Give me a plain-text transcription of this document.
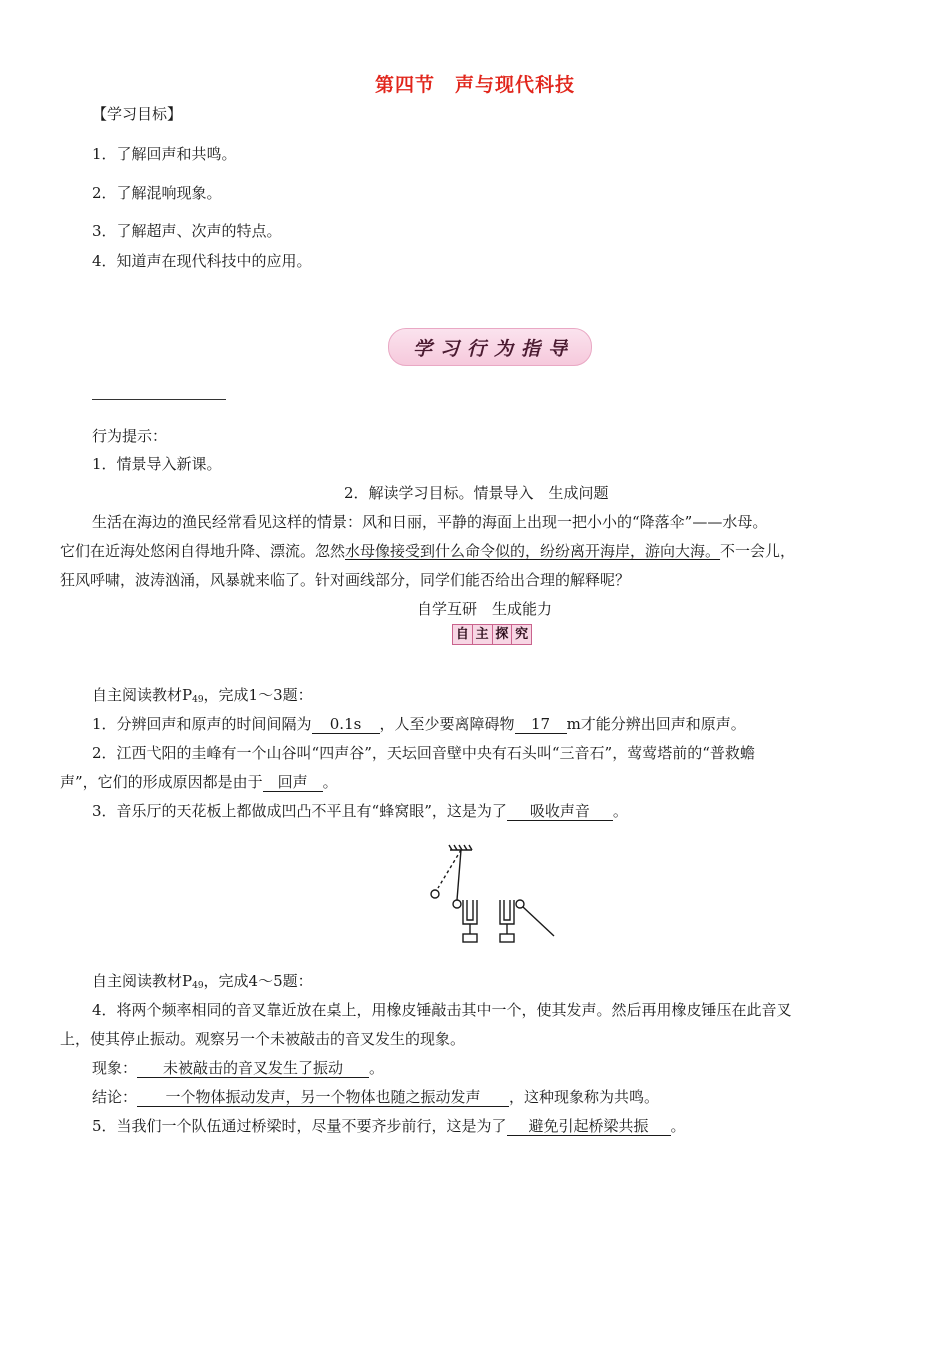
第四节　声与现代科技
【学习目标】
1．了解回声和共鸣。
2．了解混响现象。
3．了解超声、次声的特点。
4．知道声在现代科技中的应用。
学习行为指导
行为提示：
1．情景导入新课。
2．解读学习目标。情景导入　生成问题
生活在海边的渔民经常看见这样的情景：风和日丽，平静的海面上出现一把小小的“降落伞”——水母。
它们在近海处悠闲自得地升降、漂流。忽然水母像接受到什么命令似的，纷纷离开海岸，游向大海。不一会儿，
狂风呼啸，波涛汹涌，风暴就来临了。针对画线部分，同学们能否给出合理的解释呢？
自学互研　生成能力
自 主 探 究
自主阅读教材$P_{49}$，完成1～3题：
1．分辨回声和原声的时间间隔为 0.1s ，人至少要离障碍物 17 m才能分辨出回声和原声。
2．江西弋阳的圭峰有一个山谷叫“四声谷”，天坛回音壁中央有石头叫“三音石”，莺莺塔前的“普救蟾
声”，它们的形成原因都是由于 回声 。
3．音乐厅的天花板上都做成凹凸不平且有“蜂窝眼”，这是为了 吸收声音 。
自主阅读教材$P_{49}$，完成4～5题：
4．将两个频率相同的音叉靠近放在桌上，用橡皮锤敲击其中一个，使其发声。然后再用橡皮锤压在此音叉
上，使其停止振动。观察另一个未被敲击的音叉发生的现象。
现象： 未被敲击的音叉发生了振动 。
结论： 一个物体振动发声，另一个物体也随之振动发声 ，这种现象称为共鸣。
5．当我们一个队伍通过桥梁时，尽量不要齐步前行，这是为了 避免引起桥梁共振 。
